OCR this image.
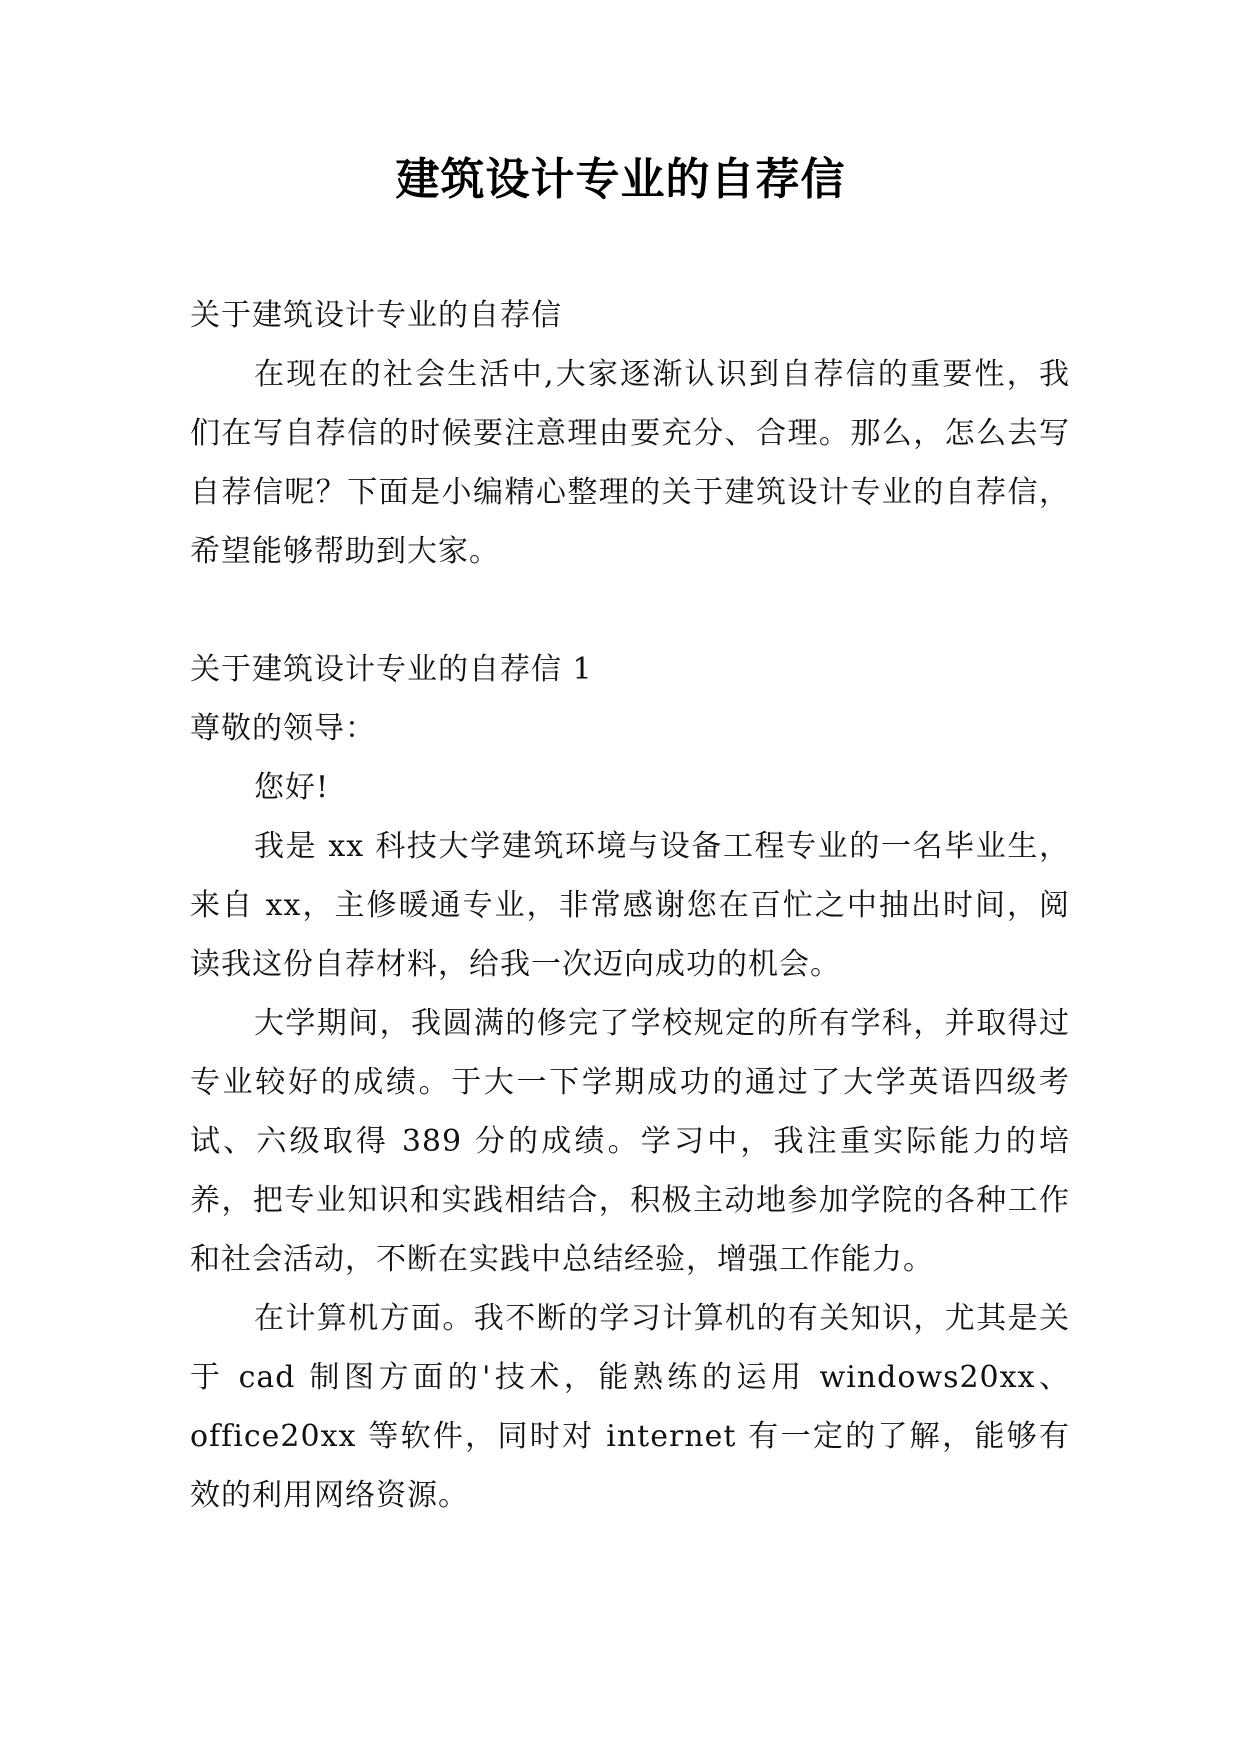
建筑设计专业的自荐信

关于建筑设计专业的自荐信

在现在的社会生活中,大家逐渐认识到自荐信的重要性，我们在写自荐信的时候要注意理由要充分、合理。那么，怎么去写自荐信呢？下面是小编精心整理的关于建筑设计专业的自荐信，希望能够帮助到大家。

关于建筑设计专业的自荐信 1

尊敬的领导：

您好!

我是 xx 科技大学建筑环境与设备工程专业的一名毕业生，来自 xx，主修暖通专业，非常感谢您在百忙之中抽出时间，阅读我这份自荐材料，给我一次迈向成功的机会。

大学期间，我圆满的修完了学校规定的所有学科，并取得过专业较好的成绩。于大一下学期成功的通过了大学英语四级考试、六级取得 389 分的成绩。学习中，我注重实际能力的培养，把专业知识和实践相结合，积极主动地参加学院的各种工作和社会活动，不断在实践中总结经验，增强工作能力。

在计算机方面。我不断的学习计算机的有关知识，尤其是关于 cad 制图方面的'技术，能熟练的运用 windows20xx、office20xx 等软件，同时对 internet 有一定的了解，能够有效的利用网络资源。
